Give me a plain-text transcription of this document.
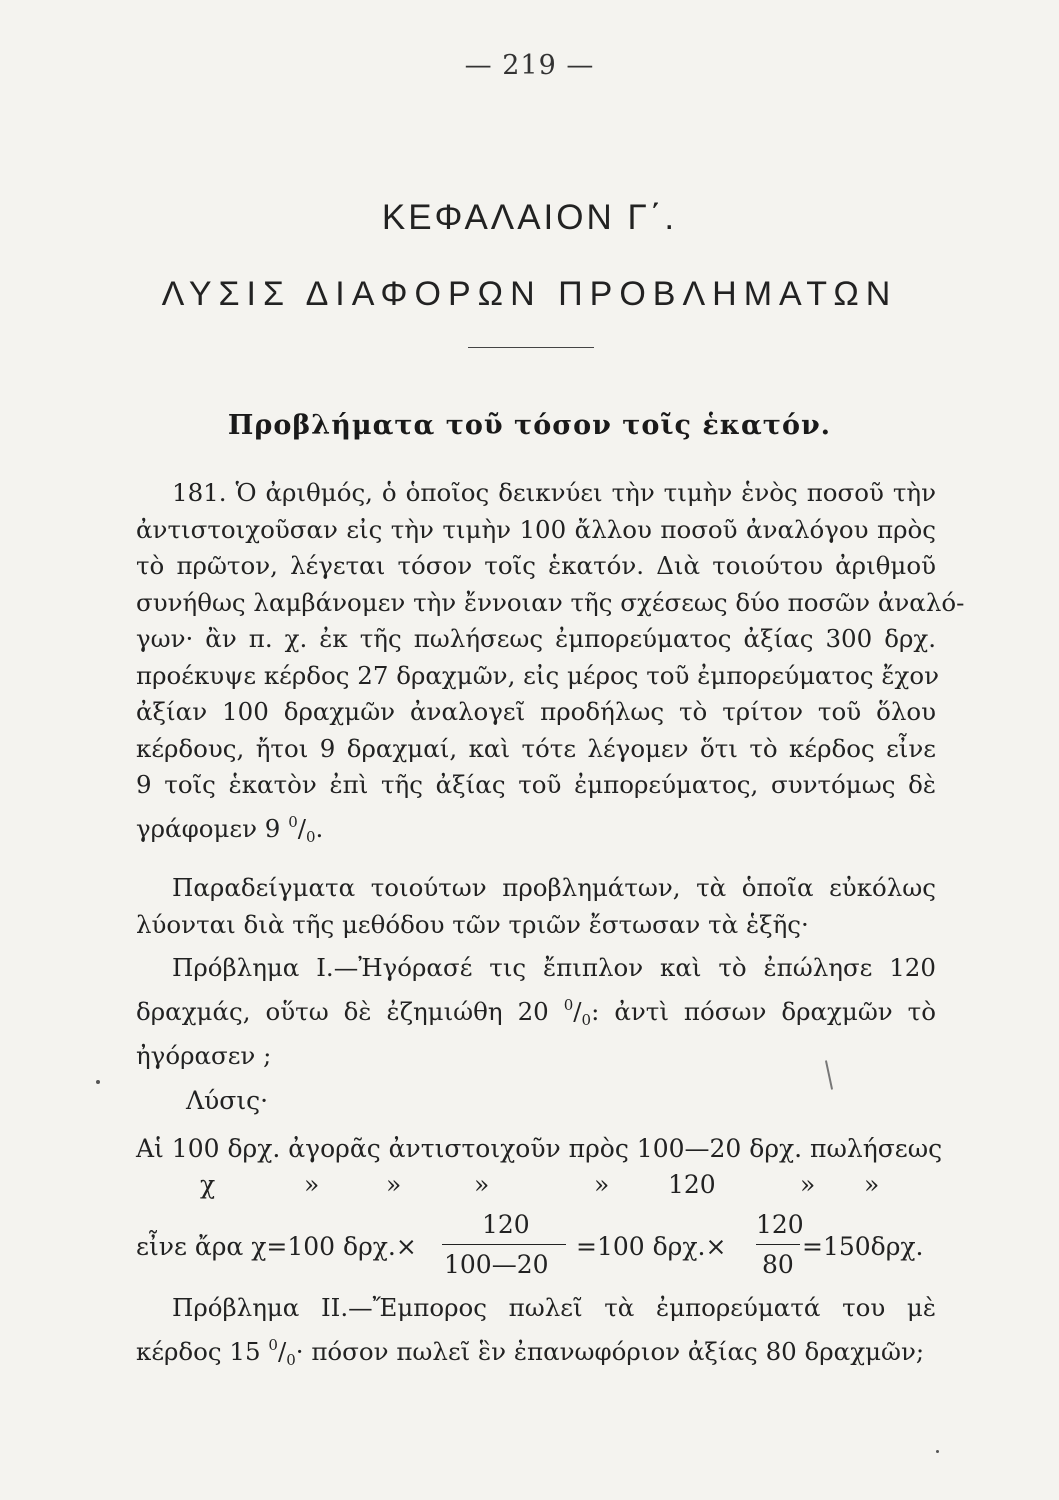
— 219 —
ΚΕΦΑΛΑΙΟΝ Γ΄.
ΛΥΣΙΣ ΔΙΑΦΟΡΩΝ ΠΡΟΒΛΗΜΑΤΩΝ
Προβλήματα τοῦ τόσον τοῖς ἑκατόν.
181. Ὁ ἀριθμός, ὁ ὁποῖος δεικνύει τὴν τιμὴν ἑνὸς ποσοῦ τὴν
ἀντιστοιχοῦσαν εἰς τὴν τιμὴν 100 ἄλλου ποσοῦ ἀναλόγου πρὸς
τὸ πρῶτον, λέγεται τόσον τοῖς ἑκατόν. Διὰ τοιούτου ἀριθμοῦ
συνήθως λαμβάνομεν τὴν ἔννοιαν τῆς σχέσεως δύο ποσῶν ἀναλό-
γων· ἂν π. χ. ἐκ τῆς πωλήσεως ἐμπορεύματος ἀξίας 300 δρχ.
προέκυψε κέρδος 27 δραχμῶν, εἰς μέρος τοῦ ἐμπορεύματος ἔχον
ἀξίαν 100 δραχμῶν ἀναλογεῖ προδήλως τὸ τρίτον τοῦ ὅλου
κέρδους, ἤτοι 9 δραχμαί, καὶ τότε λέγομεν ὅτι τὸ κέρδος εἶνε
9 τοῖς ἑκατὸν ἐπὶ τῆς ἀξίας τοῦ ἐμπορεύματος, συντόμως δὲ
γράφομεν 9 $^0/_0$.
Παραδείγματα τοιούτων προβλημάτων, τὰ ὁποῖα εὐκόλως
λύονται διὰ τῆς μεθόδου τῶν τριῶν ἔστωσαν τὰ ἑξῆς·
Πρόβλημα Ι.—Ἠγόρασέ τις ἔπιπλον καὶ τὸ ἐπώλησε 120
δραχμάς, οὕτω δὲ ἐζημιώθη 20 $^0/_0$: ἀντὶ πόσων δραχμῶν τὸ
ἠγόρασεν ;
Λύσις·
Αἱ 100 δρχ. ἀγορᾶς ἀντιστοιχοῦν πρὸς 100—20 δρχ. πωλήσεως
χ	»	»	»	» 120	» »
εἶνε ἄρα χ=100 δρχ.×
120
100—20
=100 δρχ.×
120
80
=150δρχ.
Πρόβλημα ΙΙ.—Ἔμπορος πωλεῖ τὰ ἐμπορεύματά του μὲ
κέρδος 15 $^0/_0\cdot \pi ό\sigma o\nu$ πωλεῖ ἓν ἐπανωφόριον ἀξίας 80 δραχμῶν;
